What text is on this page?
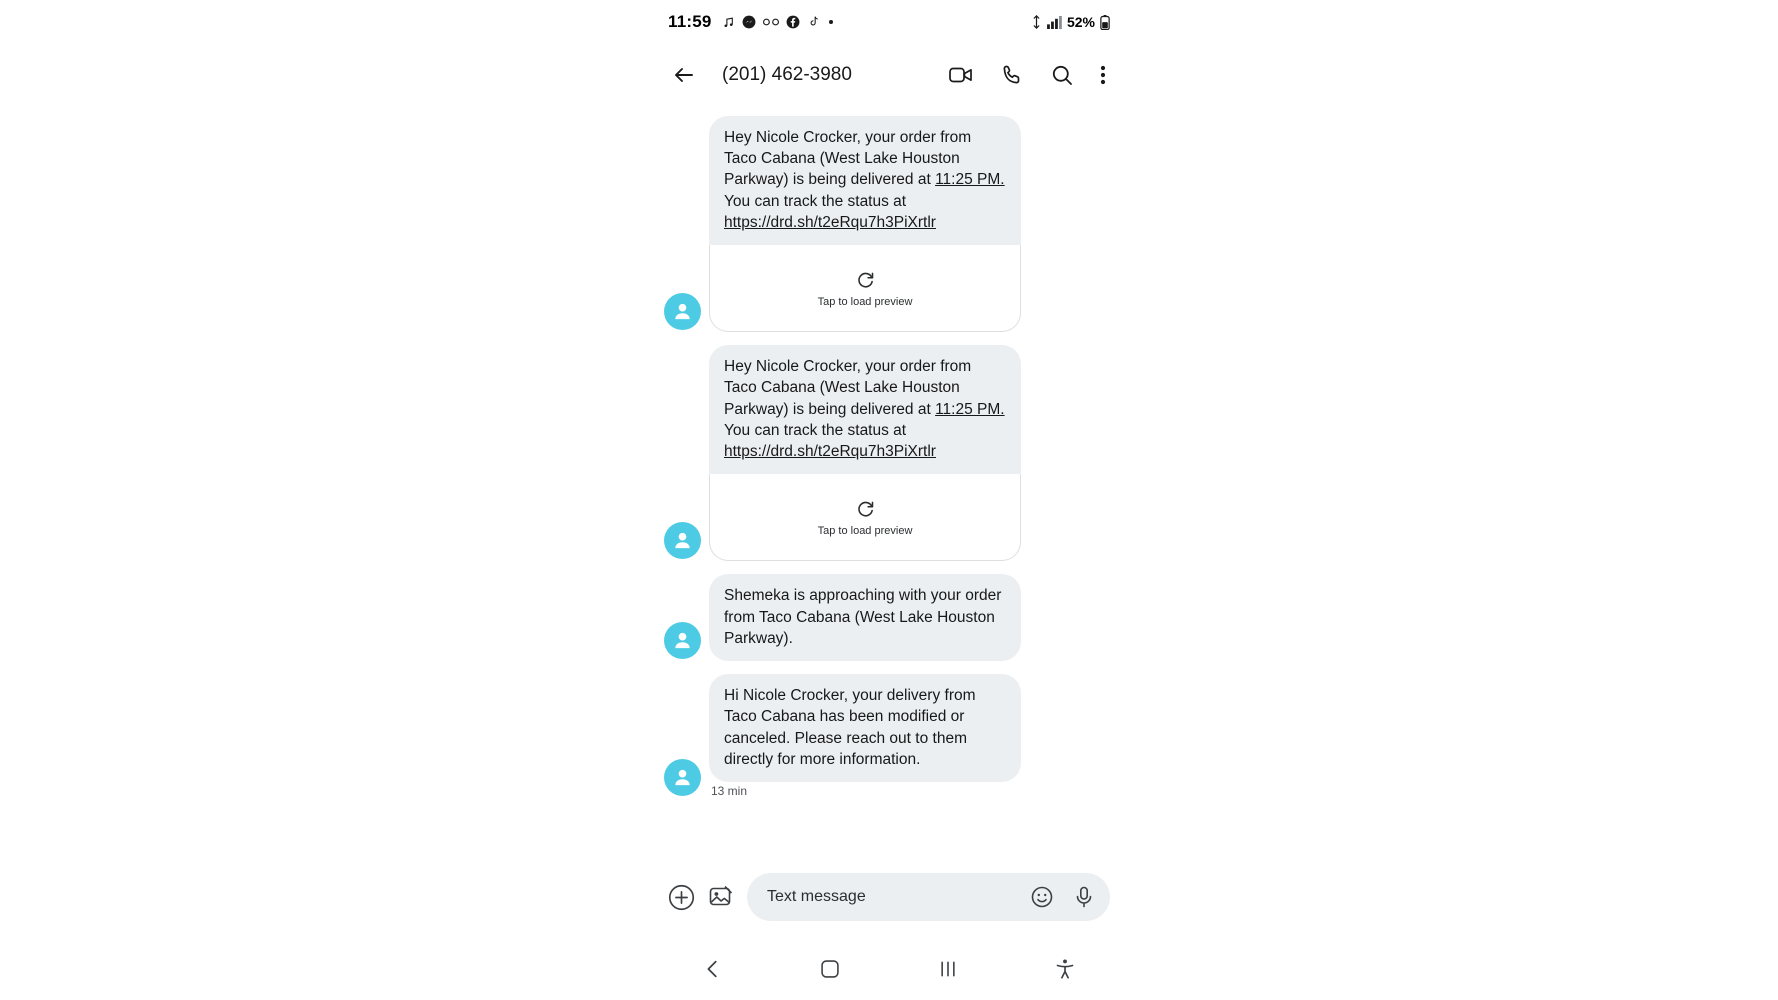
11:59	52%
(201) 462-3980
Hey Nicole Crocker, your order from Taco Cabana (West Lake Houston Parkway) is being delivered at 11:25 PM. You can track the status at https://drd.sh/t2eRqu7h3PiXrtlr
Tap to load preview
Hey Nicole Crocker, your order from Taco Cabana (West Lake Houston Parkway) is being delivered at 11:25 PM. You can track the status at https://drd.sh/t2eRqu7h3PiXrtlr
Tap to load preview
Shemeka is approaching with your order from Taco Cabana (West Lake Houston Parkway).
Hi Nicole Crocker, your delivery from Taco Cabana has been modified or canceled. Please reach out to them directly for more information.
13 min
Text message
